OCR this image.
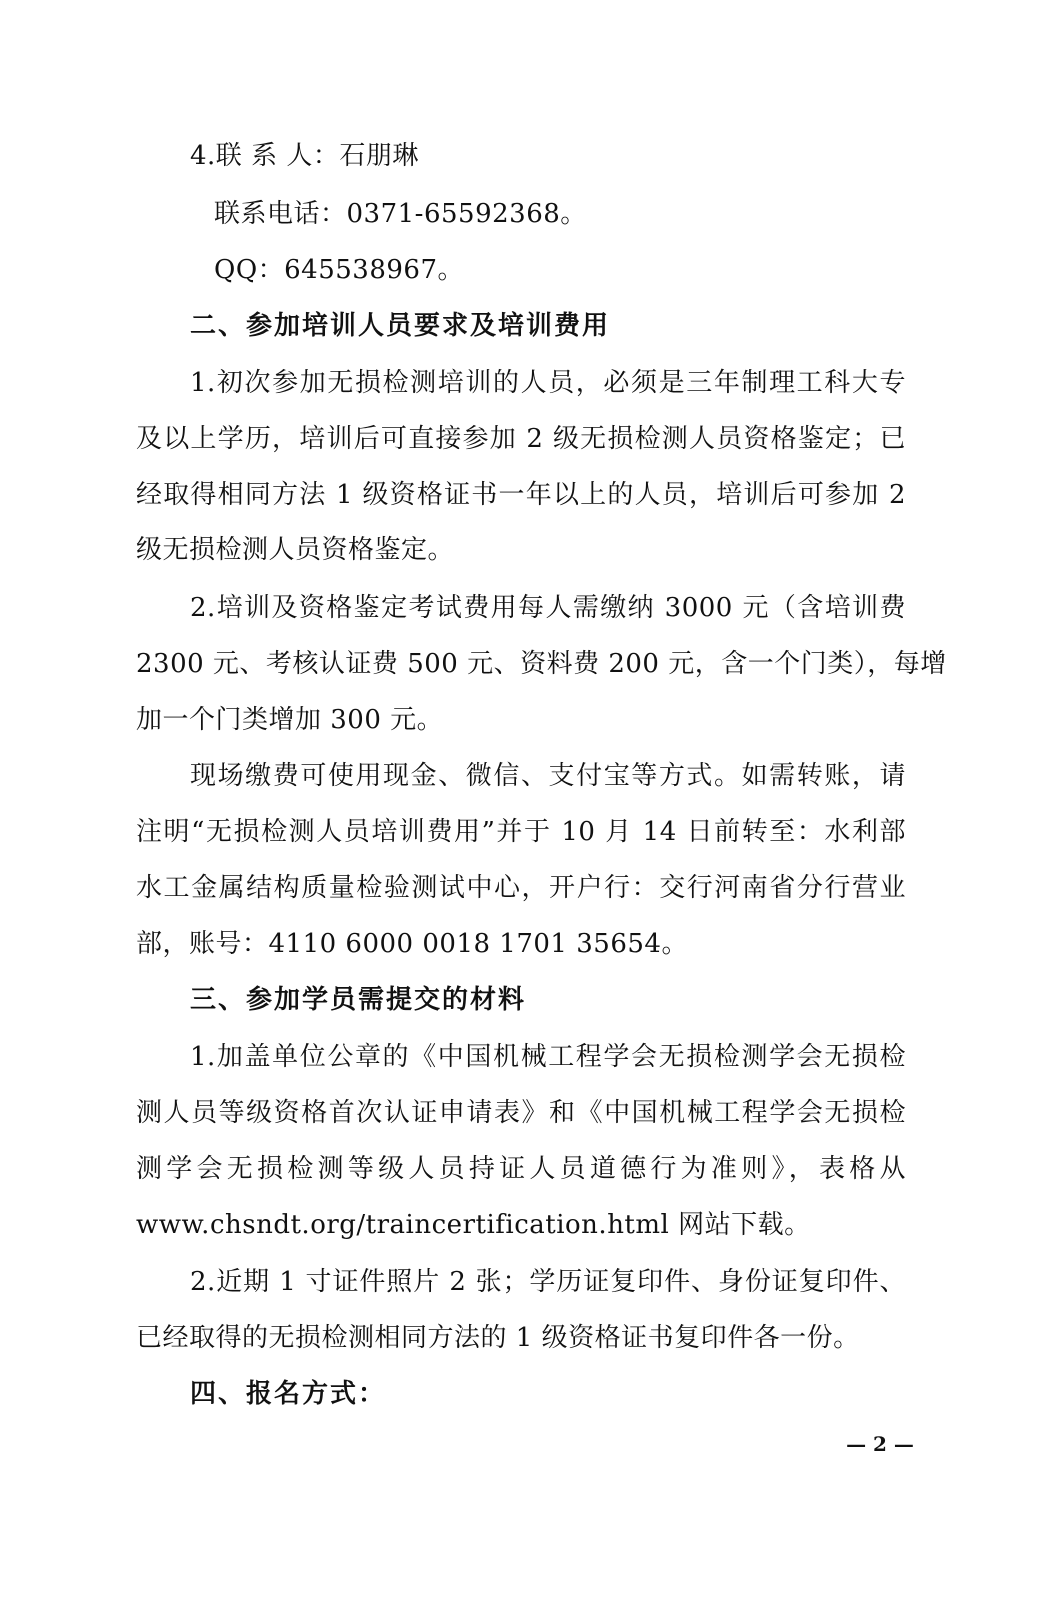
4.联 系 人：石朋琳
联系电话：0371-65592368。
QQ：645538967。
二、参加培训人员要求及培训费用
1.初次参加无损检测培训的人员，必须是三年制理工科大专
及以上学历，培训后可直接参加 2 级无损检测人员资格鉴定；已
经取得相同方法 1 级资格证书一年以上的人员，培训后可参加 2
级无损检测人员资格鉴定。
2.培训及资格鉴定考试费用每人需缴纳 3000 元（含培训费
2300 元、考核认证费 500 元、资料费 200 元，含一个门类），每增
加一个门类增加 300 元。
现场缴费可使用现金、微信、支付宝等方式。如需转账，请
注明“无损检测人员培训费用”并于 10 月 14 日前转至：水利部
水工金属结构质量检验测试中心，开户行：交行河南省分行营业
部，账号：4110 6000 0018 1701 35654。
三、参加学员需提交的材料
1.加盖单位公章的《中国机械工程学会无损检测学会无损检
测人员等级资格首次认证申请表》和《中国机械工程学会无损检
测学会无损检测等级人员持证人员道德行为准则》，表格从
www.chsndt.org/traincertification.html 网站下载。
2.近期 1 寸证件照片 2 张；学历证复印件、身份证复印件、
已经取得的无损检测相同方法的 1 级资格证书复印件各一份。
四、报名方式：
— 2 —
